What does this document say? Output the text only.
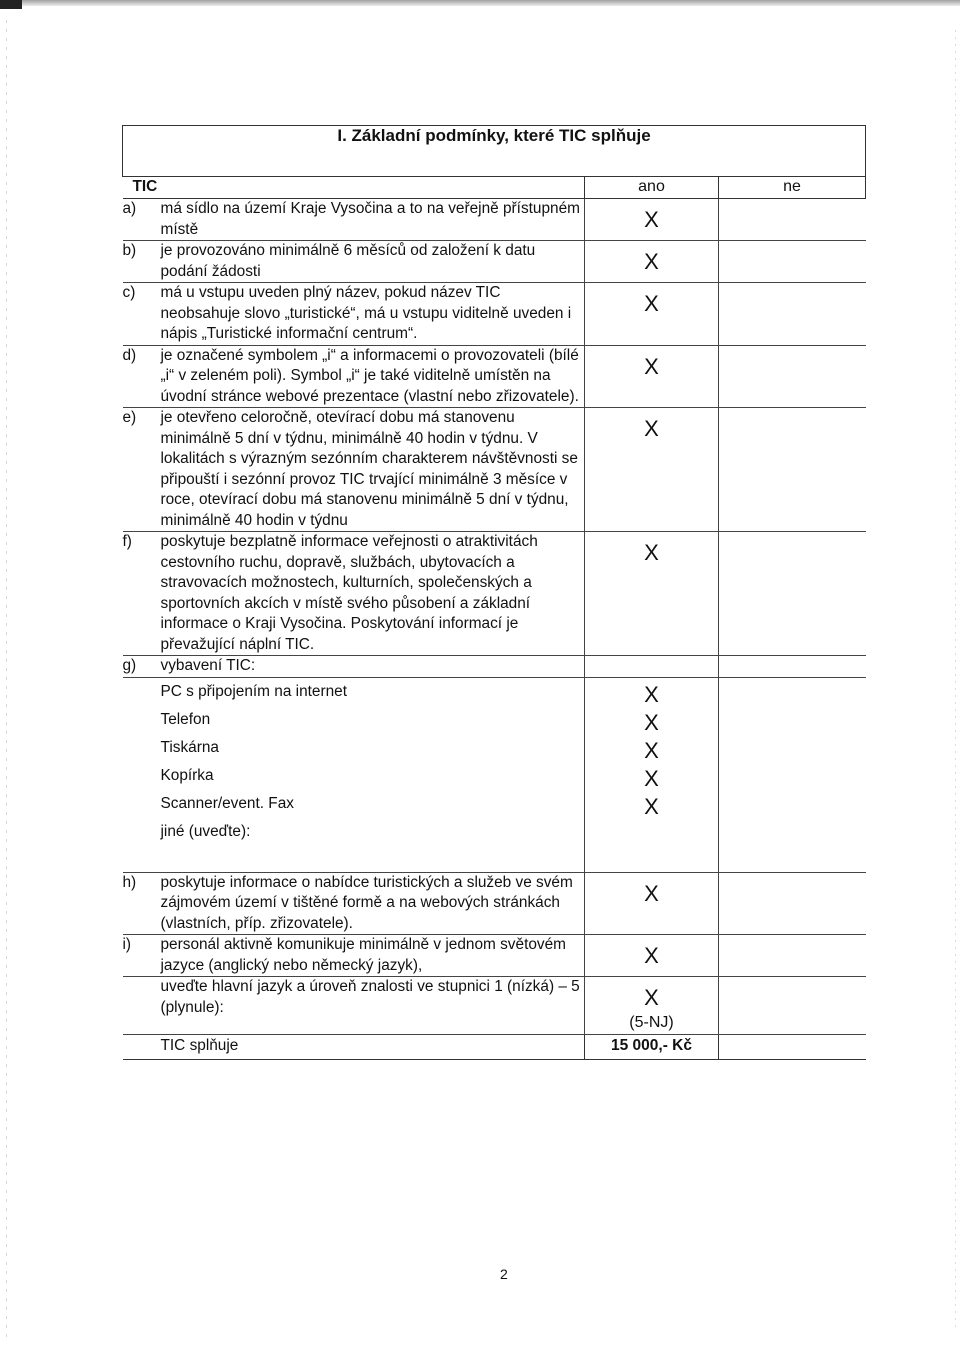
I. Základní podmínky, které TIC splňuje			
TIC		ano	ne
a)	má sídlo na území Kraje Vysočina a to na veřejně přístupném místě	X	

b)	je provozováno minimálně 6 měsíců od založení k datu podání žádosti	X	

c)	má u vstupu uveden plný název, pokud název TIC neobsahuje slovo „turistické“, má u vstupu viditelně uveden i nápis „Turistické informační centrum“.	X	

d)	je označené symbolem „i“ a informacemi o provozovateli (bílé „i“ v zeleném poli). Symbol „i“ je také viditelně umístěn na úvodní stránce webové prezentace (vlastní nebo zřizovatele).	X	

e)	je otevřeno celoročně, otevírací dobu má stanovenu minimálně 5 dní v týdnu, minimálně 40 hodin v týdnu. V lokalitách s výrazným sezónním charakterem návštěvnosti se připouští i sezónní provoz TIC trvající minimálně 3 měsíce v roce, otevírací dobu má stanovenu minimálně 5 dní v týdnu, minimálně 40 hodin v týdnu	X	

f)	poskytuje bezplatně informace veřejnosti o atraktivitách cestovního ruchu, dopravě, službách, ubytovacích a stravovacích možnostech, kulturních, společenských a sportovních akcích v místě svého působení a základní informace o Kraji Vysočina. Poskytování informací je převažující náplní TIC.	X	

g)	vybavení TIC:		
	PC s připojením na internet	X	

	Telefon	X	

	Tiskárna	X	

	Kopírka	X	

	Scanner/event. Fax	X	

	jiné (uveďte):	

h)	poskytuje informace o nabídce turistických a služeb ve svém zájmovém území v tištěné formě a na webových stránkách (vlastních, příp. zřizovatele).	X	

i)	personál aktivně komunikuje minimálně v jednom světovém jazyce (anglický nebo německý jazyk),	X	

	uveďte hlavní jazyk a úroveň znalosti ve stupnici 1 (nízká) – 5 (plynule):	X
(5-NJ)	

	TIC splňuje	15 000,- Kč	
2
